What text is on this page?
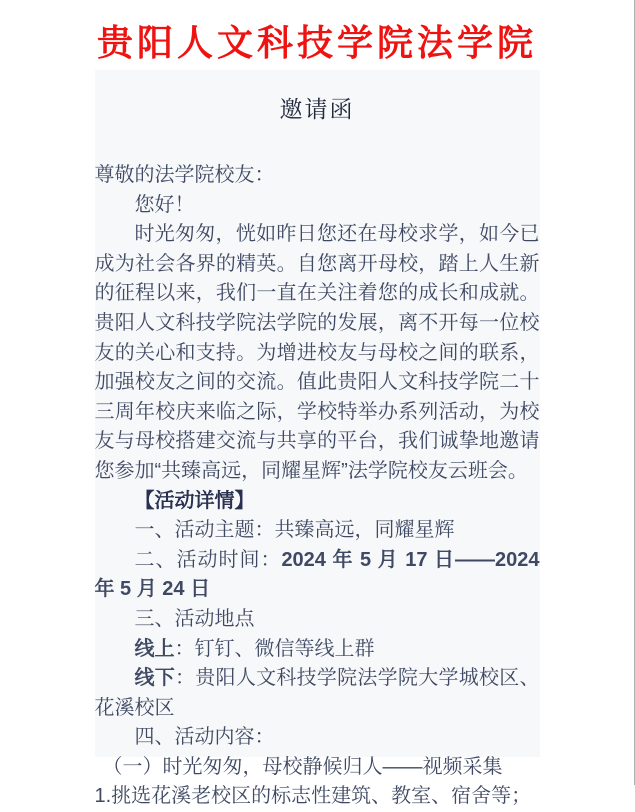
贵阳人文科技学院法学院
邀请函

尊敬的法学院校友：

您好！

时光匆匆，恍如昨日您还在母校求学，如今已成为社会各界的精英。自您离开母校，踏上人生新的征程以来，我们一直在关注着您的成长和成就。贵阳人文科技学院法学院的发展，离不开每一位校友的关心和支持。为增进校友与母校之间的联系，加强校友之间的交流。值此贵阳人文科技学院二十三周年校庆来临之际，学校特举办系列活动，为校友与母校搭建交流与共享的平台，我们诚挚地邀请您参加“共臻高远，同耀星辉”法学院校友云班会。

【活动详情】

一、活动主题：共臻高远，同耀星辉

二、活动时间：2024 年 5 月 17 日——2024 年 5 月 24 日

三、活动地点

线上：钉钉、微信等线上群

线下：贵阳人文科技学院法学院大学城校区、花溪校区

四、活动内容：

（一）时光匆匆，母校静候归人——视频采集

1.挑选花溪老校区的标志性建筑、教室、宿舍等；
